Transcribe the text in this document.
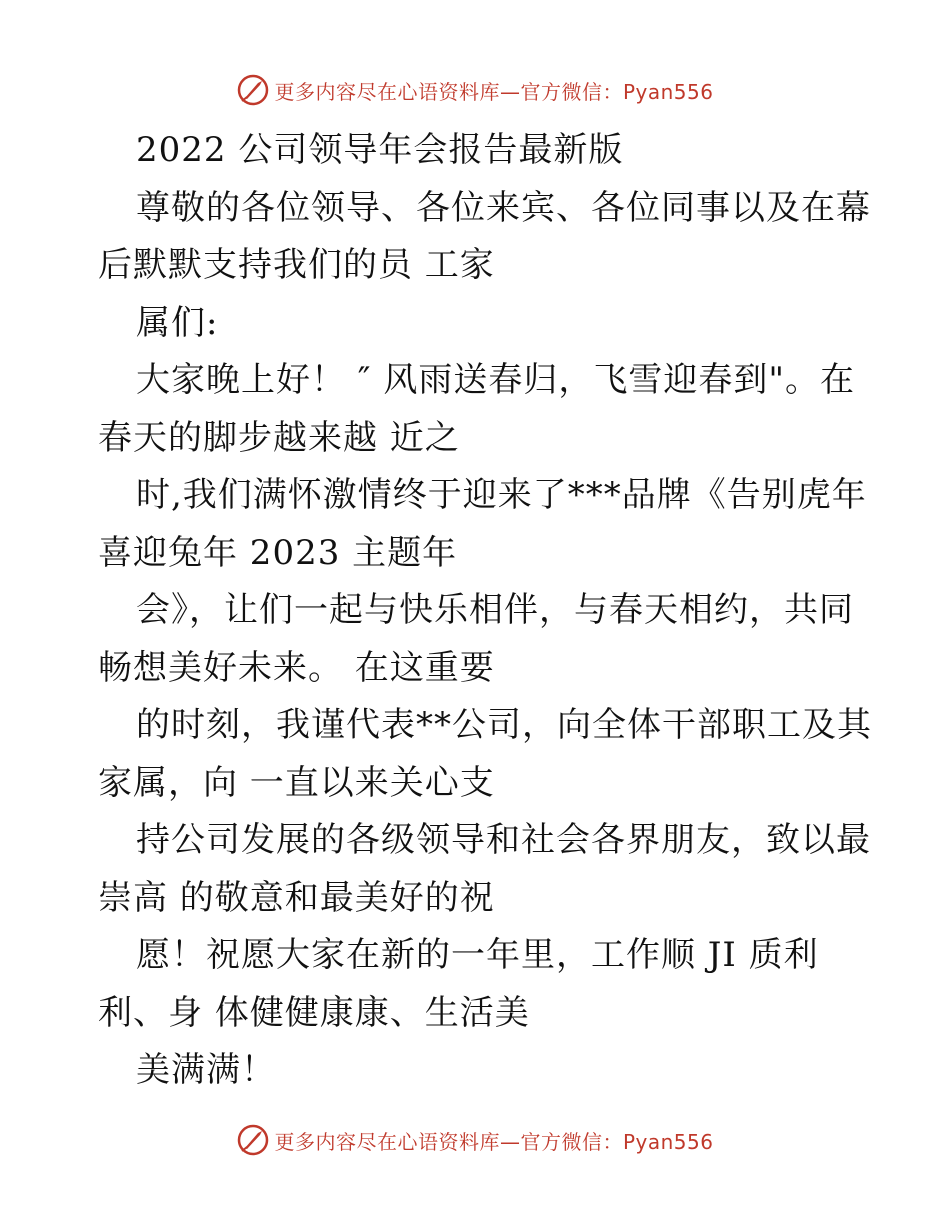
更多内容尽在心语资料库—官方微信：Pyan556
2022 公司领导年会报告最新版
尊敬的各位领导、各位来宾、各位同事以及在幕
后默默支持我们的员 工家
属们:
大家晚上好！ ″ 风雨送春归，飞雪迎春到"。在
春天的脚步越来越 近之
时,我们满怀激情终于迎来了***品牌《告别虎年
喜迎兔年 2023 主题年
会》，让们一起与快乐相伴，与春天相约，共同
畅想美好未来。 在这重要
的时刻，我谨代表**公司，向全体干部职工及其
家属，向 一直以来关心支
持公司发展的各级领导和社会各界朋友，致以最
崇高 的敬意和最美好的祝
愿！祝愿大家在新的一年里，工作顺 JI 质利
利、身 体健健康康、生活美
美满满！
更多内容尽在心语资料库—官方微信：Pyan556
